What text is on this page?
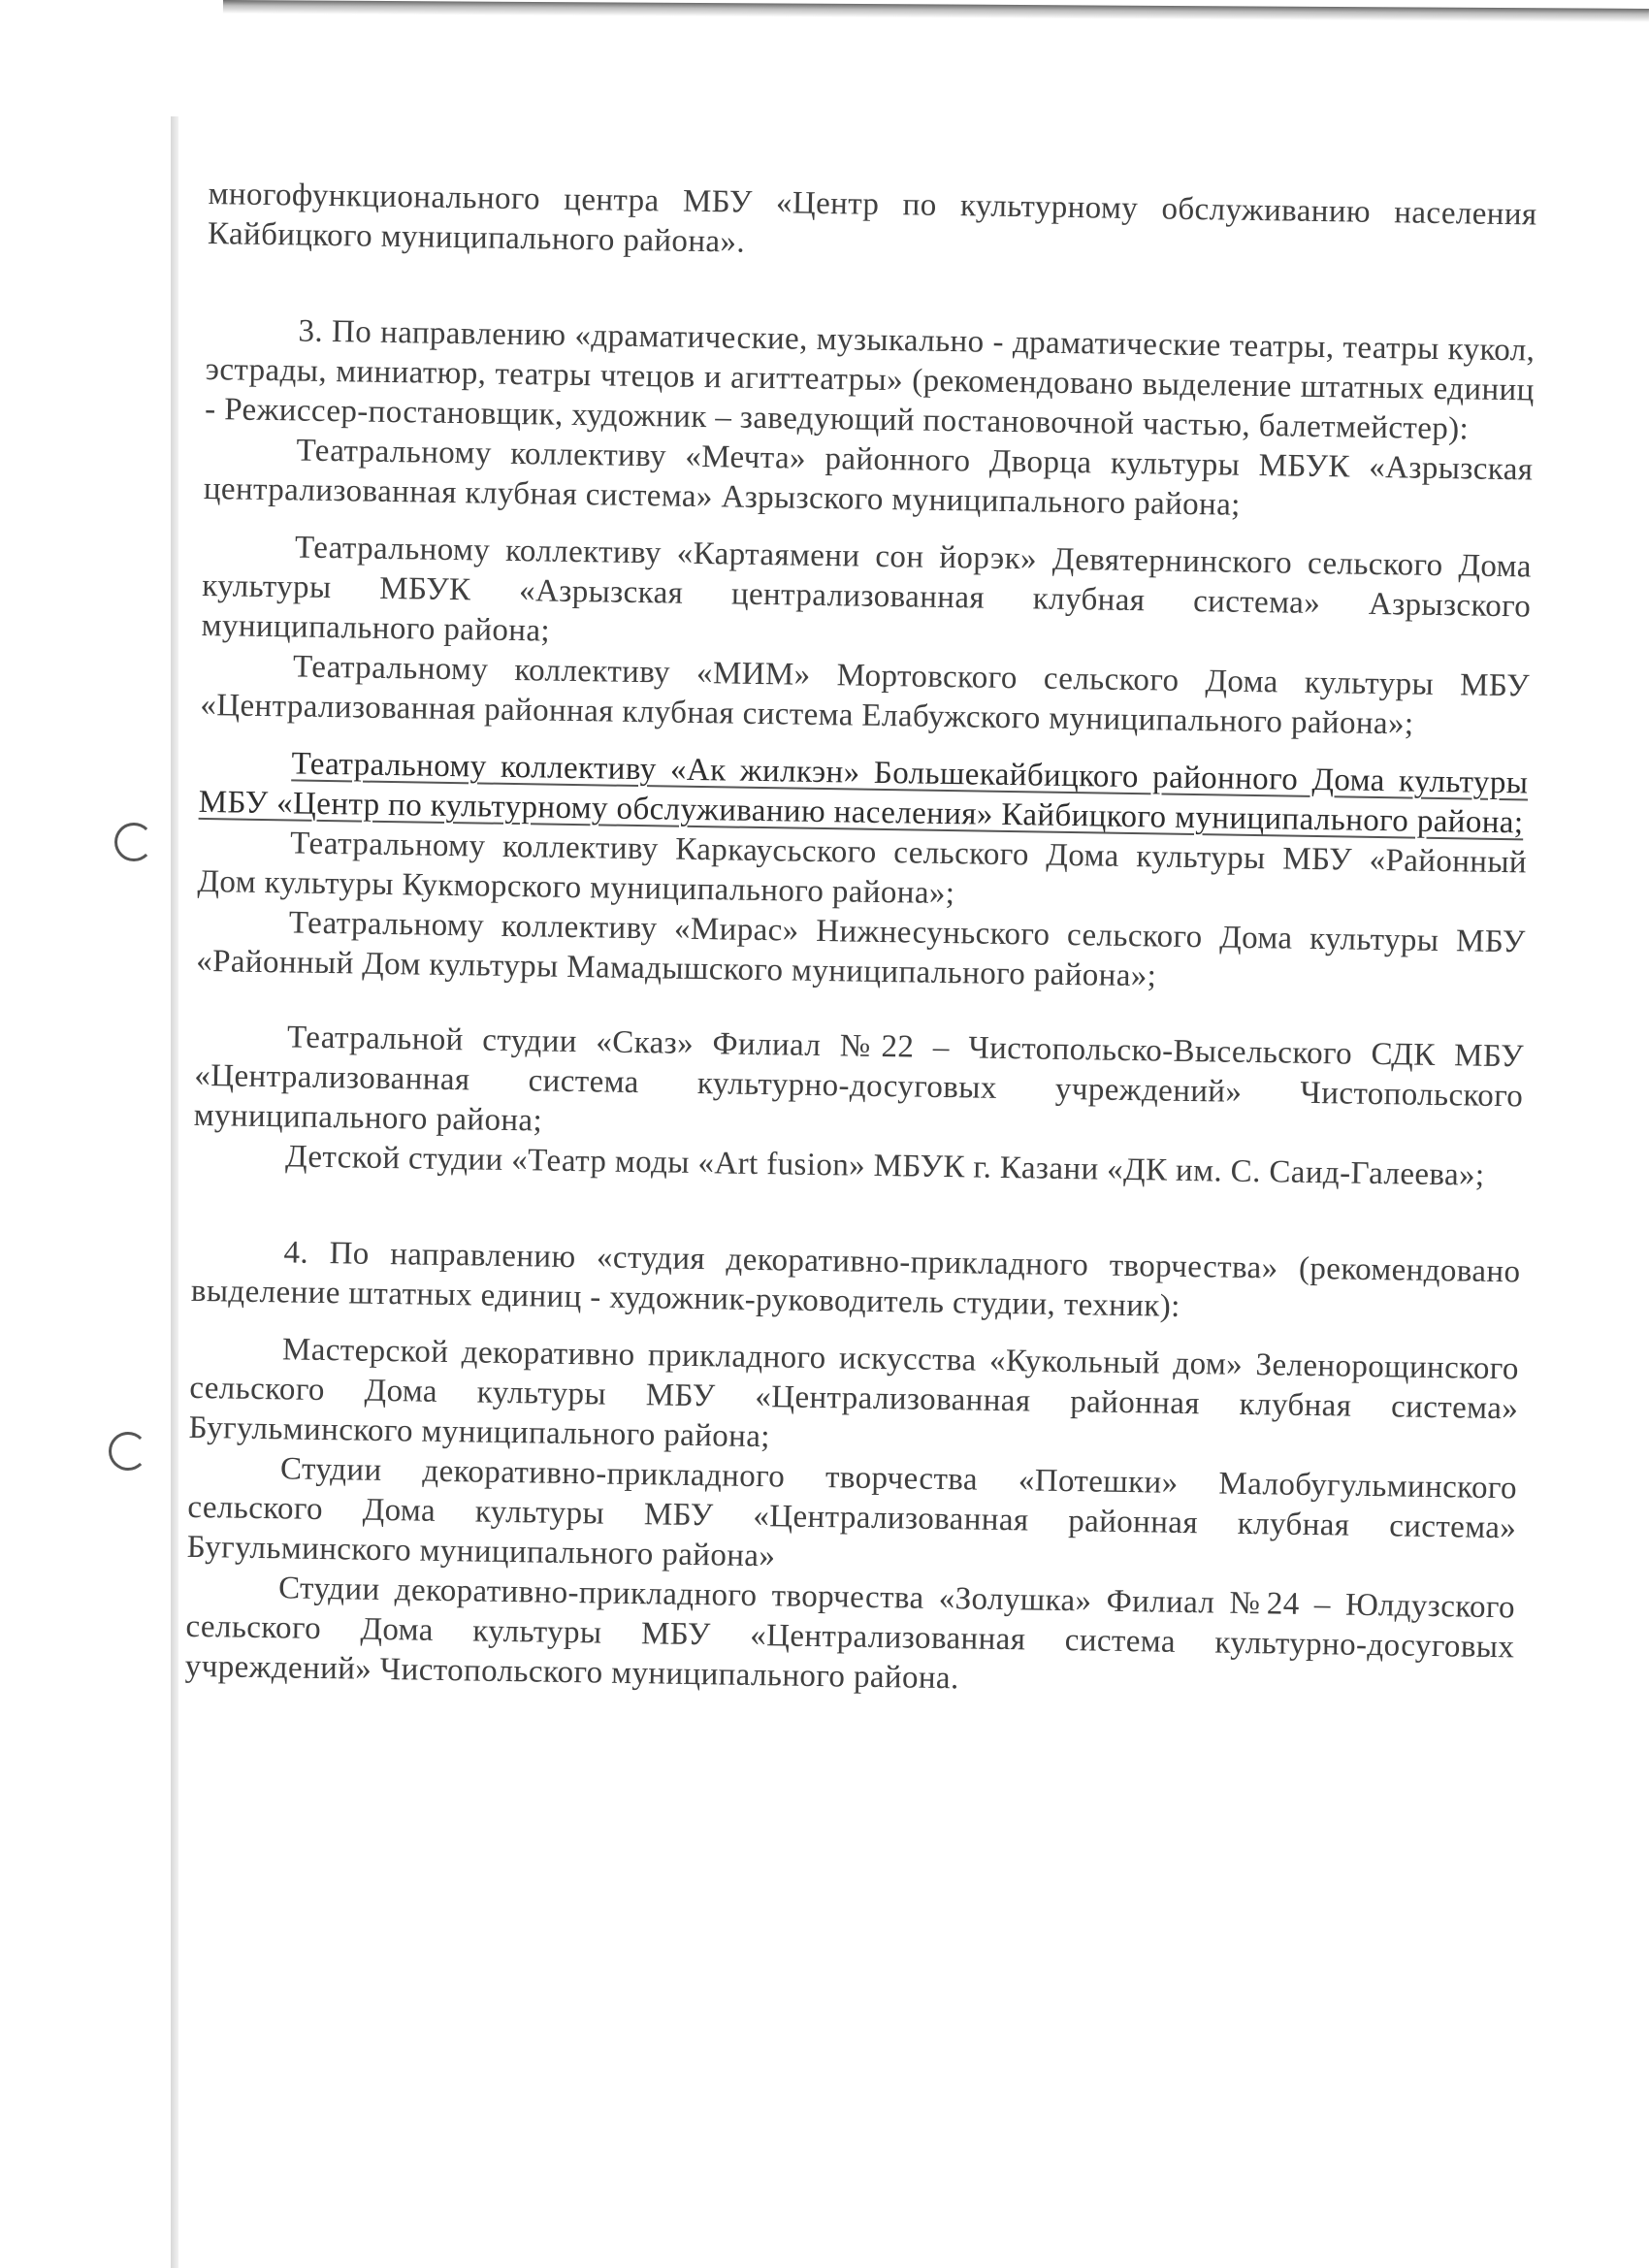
многофункционального центра МБУ «Центр по культурному обслуживанию населения Кайбицкого муниципального района».

3. По направлению «драматические, музыкально - драматические театры, театры кукол, эстрады, миниатюр, театры чтецов и агиттеатры» (рекомендовано выделение штатных единиц - Режиссер-постановщик, художник – заведующий постановочной частью, балетмейстер):

Театральному коллективу «Мечта» районного Дворца культуры МБУК «Азрызская централизованная клубная система» Азрызского муниципального района;

Театральному коллективу «Картаямени сон йорэк» Девятернинского сельского Дома культуры МБУК «Азрызская централизованная клубная система» Азрызского муниципального района;

Театральному коллективу «МИМ» Мортовского сельского Дома культуры МБУ «Централизованная районная клубная система Елабужского муниципального района»;

Театральному коллективу «Ак жилкэн» Большекайбицкого районного Дома культуры МБУ «Центр по культурному обслуживанию населения» Кайбицкого муниципального района;

Театральному коллективу Каркаусьского сельского Дома культуры МБУ «Районный Дом культуры Кукморского муниципального района»;

Театральному коллективу «Мирас» Нижнесуньского сельского Дома культуры МБУ «Районный Дом культуры Мамадышского муниципального района»;

Театральной студии «Сказ» Филиал №22 – Чистопольско-Высельского СДК МБУ «Централизованная система культурно-досуговых учреждений» Чистопольского муниципального района;

Детской студии «Театр моды «Art fusion» МБУК г. Казани «ДК им. С. Саид-Галеева»;

4. По направлению «студия декоративно-прикладного творчества» (рекомендовано выделение штатных единиц - художник-руководитель студии, техник):

Мастерской декоративно прикладного искусства «Кукольный дом» Зеленорощинского сельского Дома культуры МБУ «Централизованная районная клубная система» Бугульминского муниципального района;

Студии декоративно-прикладного творчества «Потешки» Малобугульминского сельского Дома культуры МБУ «Централизованная районная клубная система» Бугульминского муниципального района»

Студии декоративно-прикладного творчества «Золушка» Филиал №24 – Юлдузского сельского Дома культуры МБУ «Централизованная система культурно-досуговых учреждений» Чистопольского муниципального района.
